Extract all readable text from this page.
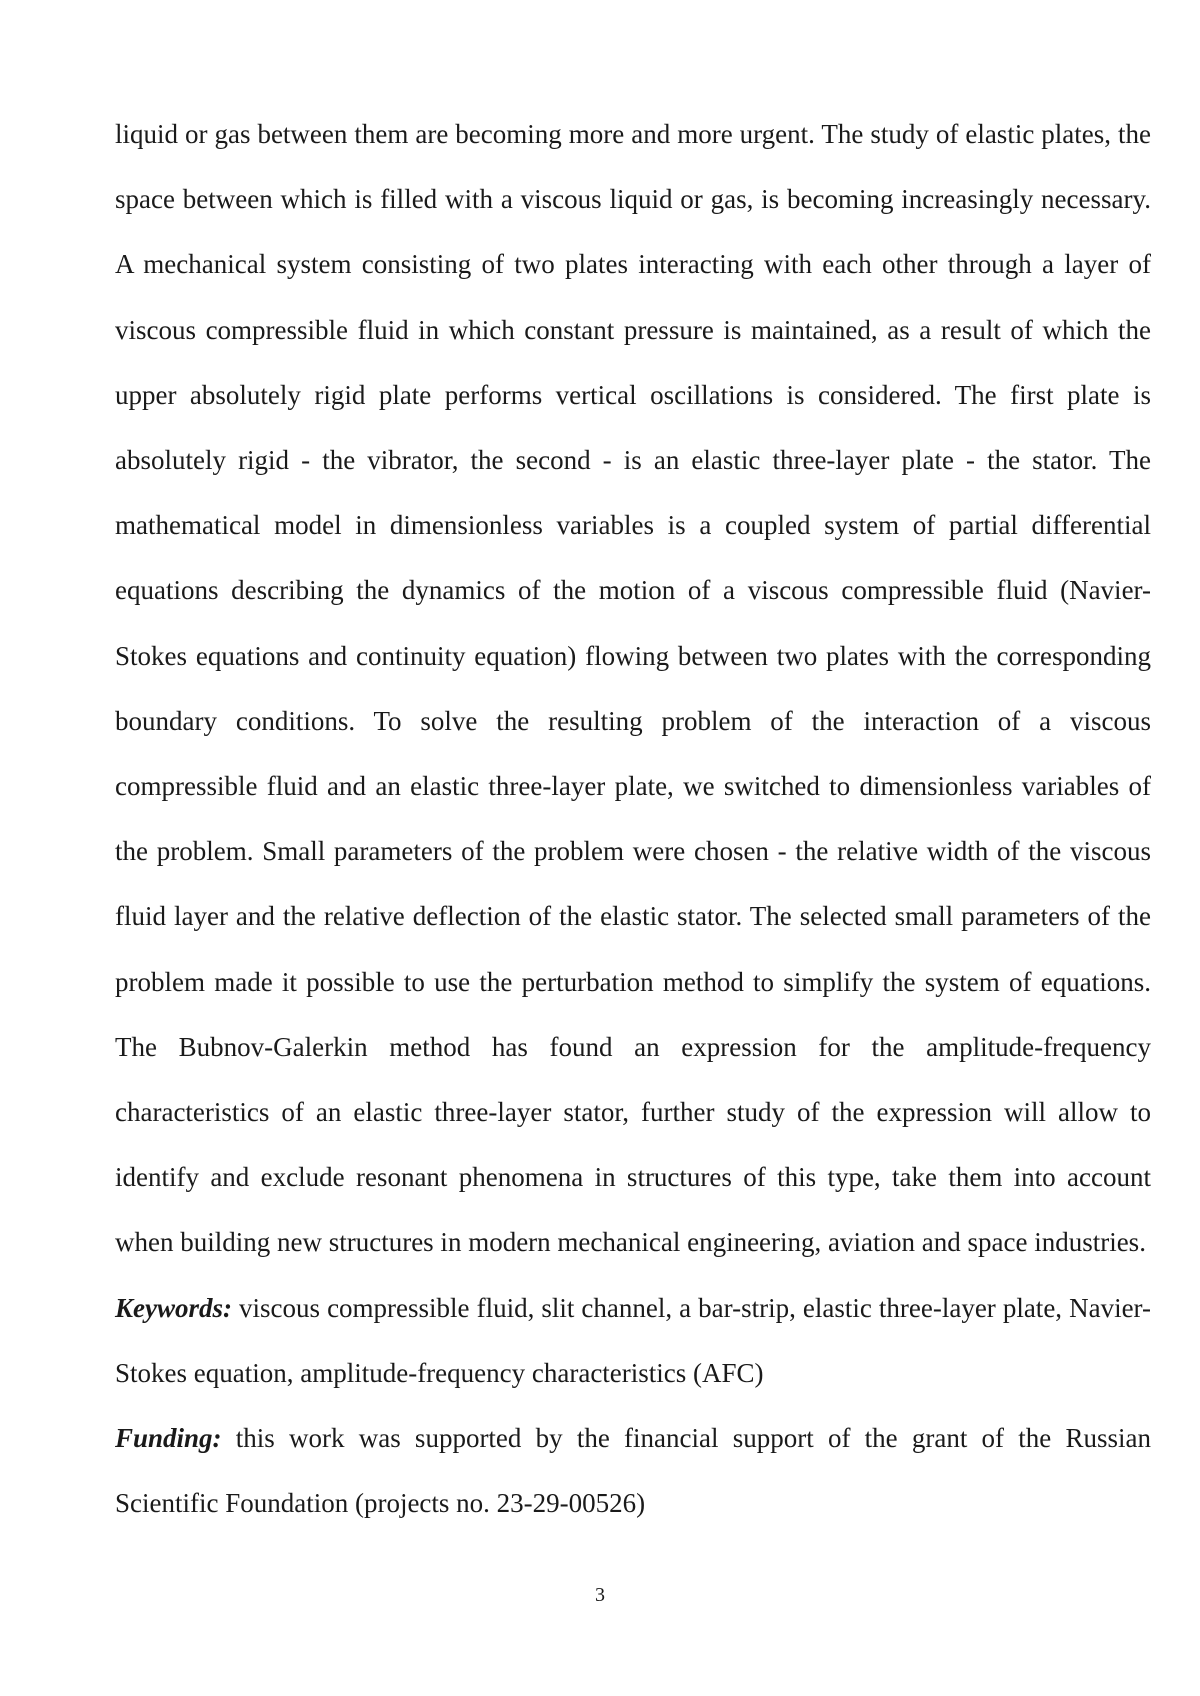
liquid or gas between them are becoming more and more urgent. The study of elastic plates, the space between which is filled with a viscous liquid or gas, is becoming increasingly necessary. A mechanical system consisting of two plates interacting with each other through a layer of viscous compressible fluid in which constant pressure is maintained, as a result of which the upper absolutely rigid plate performs vertical oscillations is considered. The first plate is absolutely rigid - the vibrator, the second - is an elastic three-layer plate - the stator. The mathematical model in dimensionless variables is a coupled system of partial differential equations describing the dynamics of the motion of a viscous compressible fluid (Navier-Stokes equations and continuity equation) flowing between two plates with the corresponding boundary conditions. To solve the resulting problem of the interaction of a viscous compressible fluid and an elastic three-layer plate, we switched to dimensionless variables of the problem. Small parameters of the problem were chosen - the relative width of the viscous fluid layer and the relative deflection of the elastic stator. The selected small parameters of the problem made it possible to use the perturbation method to simplify the system of equations. The Bubnov-Galerkin method has found an expression for the amplitude-frequency characteristics of an elastic three-layer stator, further study of the expression will allow to identify and exclude resonant phenomena in structures of this type, take them into account when building new structures in modern mechanical engineering, aviation and space industries.

Keywords: viscous compressible fluid, slit channel, a bar-strip, elastic three-layer plate, Navier-Stokes equation, amplitude-frequency characteristics (AFC)

Funding: this work was supported by the financial support of the grant of the Russian Scientific Foundation (projects no. 23-29-00526)

3
